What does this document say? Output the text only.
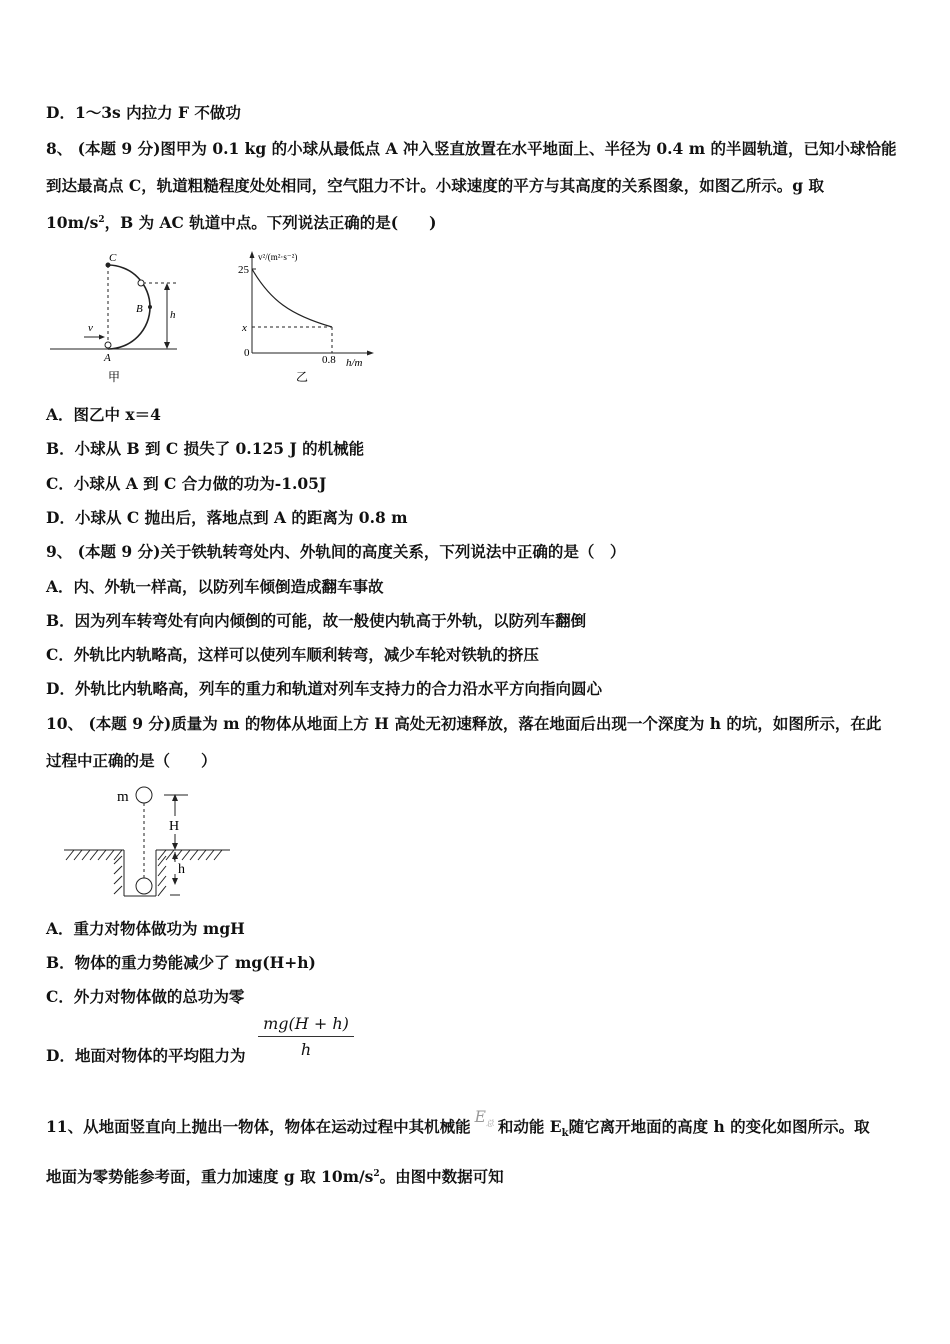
D．1～3s 内拉力 F 不做功
8、 (本题 9 分)图甲为 0.1 kg 的小球从最低点 A 冲入竖直放置在水平地面上、半径为 0.4 m 的半圆轨道，已知小球恰能
到达最高点 C，轨道粗糙程度处处相同，空气阻力不计。小球速度的平方与其高度的关系图象，如图乙所示。g 取
$10m/s^2$，B 为 AC 轨道中点。下列说法正确的是(　　)
C
B
A
v
h
甲
v²/(m²·s⁻²)
25
x
0
0.8 h/m
乙
A．图乙中 x＝4
B．小球从 B 到 C 损失了 0.125 J 的机械能
C．小球从 A 到 C 合力做的功为-1.05J
D．小球从 C 抛出后，落地点到 A 的距离为 0.8 m
9、 (本题 9 分)关于铁轨转弯处内、外轨间的高度关系，下列说法中正确的是（　）
A．内、外轨一样高，以防列车倾倒造成翻车事故
B．因为列车转弯处有向内倾倒的可能，故一般使内轨高于外轨，以防列车翻倒
C．外轨比内轨略高，这样可以使列车顺利转弯，减少车轮对铁轨的挤压
D．外轨比内轨略高，列车的重力和轨道对列车支持力的合力沿水平方向指向圆心
10、 (本题 9 分)质量为 m 的物体从地面上方 H 高处无初速释放，落在地面后出现一个深度为 h 的坑，如图所示，在此
过程中正确的是（　　）
m
H
h
A．重力对物体做功为 mgH
B．物体的重力势能减少了 mg(H+h)
C．外力对物体做的总功为零
D．地面对物体的平均阻力为 $\frac{mg(H + h)}{h}$
11、从地面竖直向上抛出一物体，物体在运动过程中其机械能 $E_总$ 和动能 $E_k$随它离开地面的高度 h 的变化如图所示。取
地面为零势能参考面，重力加速度 g 取 $10m/s^2$。由图中数据可知
